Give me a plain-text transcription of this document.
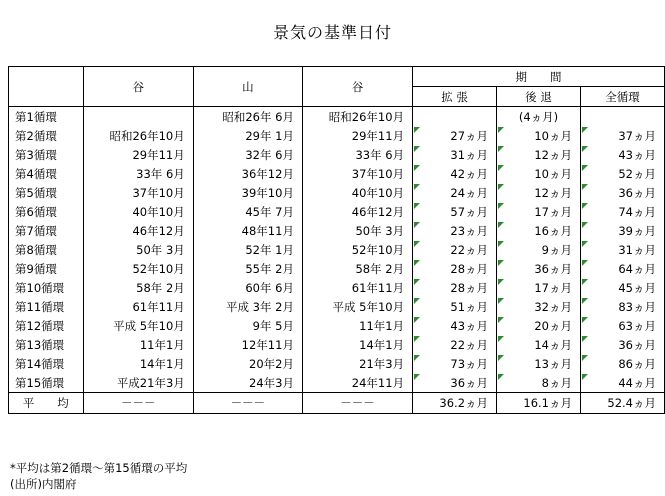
景気の基準日付
	谷	山	谷	期　　間		
				拡 張	後 退	全循環
第1循環		昭和26年 6月	昭和26年10月		(4ヵ月)	
第2循環	昭和26年10月	29年 1月	29年11月	27ヵ月	10ヵ月	37ヵ月
第3循環	29年11月	32年 6月	33年 6月	31ヵ月	12ヵ月	43ヵ月
第4循環	33年 6月	36年12月	37年10月	42ヵ月	10ヵ月	52ヵ月
第5循環	37年10月	39年10月	40年10月	24ヵ月	12ヵ月	36ヵ月
第6循環	40年10月	45年 7月	46年12月	57ヵ月	17ヵ月	74ヵ月
第7循環	46年12月	48年11月	50年 3月	23ヵ月	16ヵ月	39ヵ月
第8循環	50年 3月	52年 1月	52年10月	22ヵ月	9ヵ月	31ヵ月
第9循環	52年10月	55年 2月	58年 2月	28ヵ月	36ヵ月	64ヵ月
第10循環	58年 2月	60年 6月	61年11月	28ヵ月	17ヵ月	45ヵ月
第11循環	61年11月	平成 3年 2月	平成 5年10月	51ヵ月	32ヵ月	83ヵ月
第12循環	平成 5年10月	9年 5月	11年1月	43ヵ月	20ヵ月	63ヵ月
第13循環	11年1月	12年11月	14年1月	22ヵ月	14ヵ月	36ヵ月
第14循環	14年1月	20年2月	21年3月	73ヵ月	13ヵ月	86ヵ月
第15循環	平成21年3月	24年3月	24年11月	36ヵ月	8ヵ月	44ヵ月
平　　均	－－－	－－－	－－－	36.2ヵ月	16.1ヵ月	52.4ヵ月
*平均は第2循環～第15循環の平均
(出所)内閣府
